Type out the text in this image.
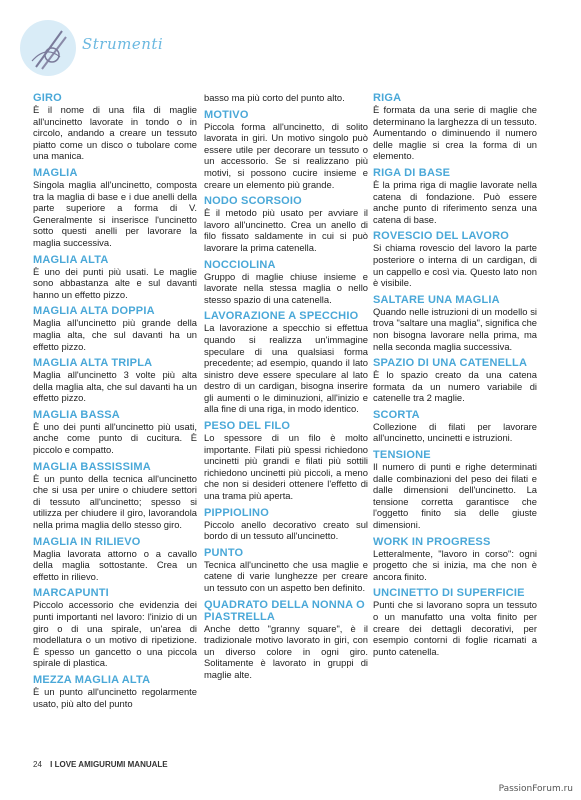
Strumenti
GIRO
È il nome di una fila di maglie all'uncinetto lavorate in tondo o in circolo, andando a creare un tessuto piatto come un disco o tubolare come una manica.
MAGLIA
Singola maglia all'uncinetto, composta tra la maglia di base e i due anelli della parte superiore a forma di V. Generalmente si inserisce l'uncinetto sotto questi anelli per lavorare la maglia successiva.
MAGLIA ALTA
È uno dei punti più usati. Le maglie sono abbastanza alte e sul davanti hanno un effetto pizzo.
MAGLIA ALTA DOPPIA
Maglia all'uncinetto più grande della maglia alta, che sul davanti ha un effetto pizzo.
MAGLIA ALTA TRIPLA
Maglia all'uncinetto 3 volte più alta della maglia alta, che sul davanti ha un effetto pizzo.
MAGLIA BASSA
È uno dei punti all'uncinetto più usati, anche come punto di cucitura. È piccolo e compatto.
MAGLIA BASSISSIMA
È un punto della tecnica all'uncinetto che si usa per unire o chiudere settori di tessuto all'uncinetto; spesso si utilizza per chiudere il giro, lavorandola nella prima maglia dello stesso giro.
MAGLIA IN RILIEVO
Maglia lavorata attorno o a cavallo della maglia sottostante. Crea un effetto in rilievo.
MARCAPUNTI
Piccolo accessorio che evidenzia dei punti importanti nel lavoro: l'inizio di un giro o di una spirale, un'area di modellatura o un motivo di ripetizione. È spesso un gancetto o una piccola spirale di plastica.
MEZZA MAGLIA ALTA
È un punto all'uncinetto regolarmente usato, più alto del punto
basso ma più corto del punto alto.
MOTIVO
Piccola forma all'uncinetto, di solito lavorata in giri. Un motivo singolo può essere utile per decorare un tessuto o un accessorio. Se si realizzano più motivi, si possono cucire insieme e creare un elemento più grande.
NODO SCORSOIO
È il metodo più usato per avviare il lavoro all'uncinetto. Crea un anello di filo fissato saldamente in cui si può lavorare la prima catenella.
NOCCIOLINA
Gruppo di maglie chiuse insieme e lavorate nella stessa maglia o nello stesso spazio di una catenella.
LAVORAZIONE A SPECCHIO
La lavorazione a specchio si effettua quando si realizza un'immagine speculare di una qualsiasi forma precedente; ad esempio, quando il lato sinistro deve essere speculare al lato destro di un cardigan, bisogna inserire gli aumenti o le diminuzioni, all'inizio e alla fine di una riga, in modo identico.
PESO DEL FILO
Lo spessore di un filo è molto importante. Filati più spessi richiedono uncinetti più grandi e filati più sottili richiedono uncinetti più piccoli, a meno che non si desideri ottenere l'effetto di una trama più aperta.
PIPPIOLINO
Piccolo anello decorativo creato sul bordo di un tessuto all'uncinetto.
PUNTO
Tecnica all'uncinetto che usa maglie e catene di varie lunghezze per creare un tessuto con un aspetto ben definito.
QUADRATO DELLA NONNA O PIASTRELLA
Anche detto "granny square", è il tradizionale motivo lavorato in giri, con un diverso colore in ogni giro. Solitamente è lavorato in gruppi di maglie alte.
RIGA
È formata da una serie di maglie che determinano la larghezza di un tessuto. Aumentando o diminuendo il numero delle maglie si crea la forma di un elemento.
RIGA DI BASE
È la prima riga di maglie lavorate nella catena di fondazione. Può essere anche punto di riferimento senza una catena di base.
ROVESCIO DEL LAVORO
Si chiama rovescio del lavoro la parte posteriore o interna di un cardigan, di un cappello e così via. Questo lato non è visibile.
SALTARE UNA MAGLIA
Quando nelle istruzioni di un modello si trova "saltare una maglia", significa che non bisogna lavorare nella prima, ma nella seconda maglia successiva.
SPAZIO DI UNA CATENELLA
È lo spazio creato da una catena formata da un numero variabile di catenelle tra 2 maglie.
SCORTA
Collezione di filati per lavorare all'uncinetto, uncinetti e istruzioni.
TENSIONE
Il numero di punti e righe determinati dalle combinazioni del peso dei filati e dalle dimensioni dell'uncinetto. La tensione corretta garantisce che l'oggetto finito sia delle giuste dimensioni.
WORK IN PROGRESS
Letteralmente, "lavoro in corso": ogni progetto che si inizia, ma che non è ancora finito.
UNCINETTO DI SUPERFICIE
Punti che si lavorano sopra un tessuto o un manufatto una volta finito per creare dei dettagli decorativi, per esempio contorni di foglie ricamati a punto catenella.
24 I LOVE AMIGURUMI MANUALE
PassionForum.ru
